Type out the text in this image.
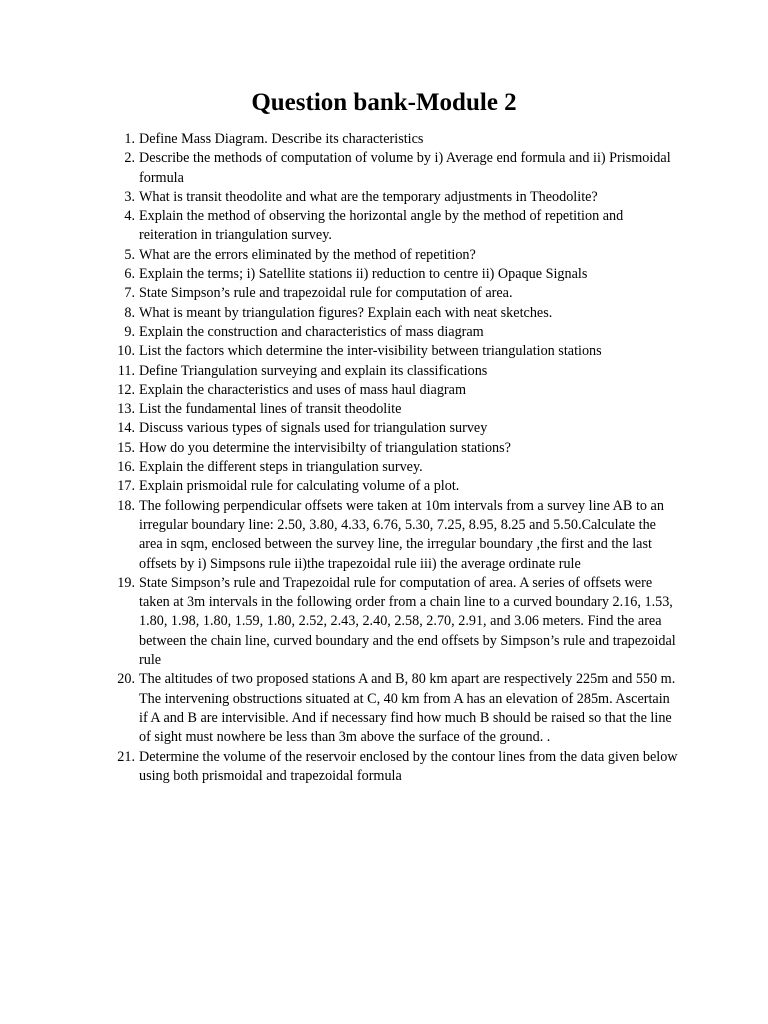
Question bank-Module 2
1. Define Mass Diagram. Describe its characteristics
2. Describe the methods of computation of volume by i) Average end formula and ii) Prismoidal formula
3. What is transit theodolite and what are the temporary adjustments in Theodolite?
4. Explain the method of observing the horizontal angle by the method of repetition and reiteration in triangulation survey.
5. What are the errors eliminated by the method of repetition?
6. Explain the terms; i) Satellite stations ii) reduction to centre ii) Opaque Signals
7. State Simpson’s rule and trapezoidal rule for computation of area.
8. What is meant by triangulation figures? Explain each with neat sketches.
9. Explain the construction and characteristics of mass diagram
10. List the factors which determine the inter-visibility between triangulation stations
11. Define Triangulation surveying and explain its classifications
12. Explain the characteristics and uses of mass haul diagram
13. List the fundamental lines of transit theodolite
14. Discuss various types of signals used for triangulation survey
15. How do you determine the intervisibilty of triangulation stations?
16. Explain the different steps in triangulation survey.
17. Explain prismoidal rule for calculating volume of a plot.
18. The following perpendicular offsets were taken at 10m intervals from a survey line AB to an irregular boundary line: 2.50, 3.80, 4.33, 6.76, 5.30, 7.25, 8.95, 8.25 and 5.50.Calculate the area in sqm, enclosed between the survey line, the irregular boundary ,the first and the last offsets by i) Simpsons rule ii)the trapezoidal rule iii) the average ordinate rule
19. State Simpson’s rule and Trapezoidal rule for computation of area. A series of offsets were taken at 3m intervals in the following order from a chain line to a curved boundary 2.16, 1.53, 1.80, 1.98, 1.80, 1.59, 1.80, 2.52, 2.43, 2.40, 2.58, 2.70, 2.91, and 3.06 meters. Find the area between the chain line, curved boundary and the end offsets by Simpson’s rule and trapezoidal rule
20. The altitudes of two proposed stations A and B, 80 km apart are respectively 225m and 550 m. The intervening obstructions situated at C, 40 km from A has an elevation of 285m. Ascertain if A and B are intervisible. And if necessary find how much B should be raised so that the line of sight must nowhere be less than 3m above the surface of the ground. .
21. Determine the volume of the reservoir enclosed by the contour lines from the data given below using both prismoidal and trapezoidal formula
